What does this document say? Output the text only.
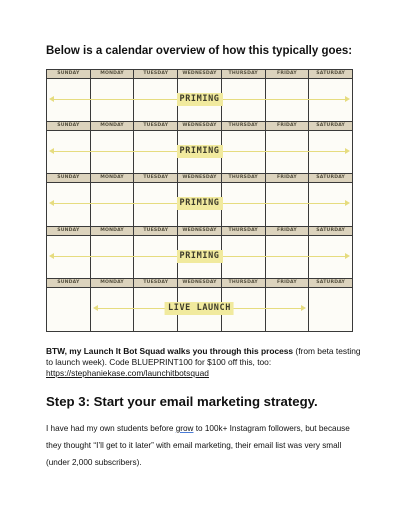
Below is a calendar overview of how this typically goes:
SUNDAY	MONDAY	TUESDAY	WEDNESDAY	THURSDAY	FRIDAY	SATURDAY
PRIMING
SUNDAY	MONDAY	TUESDAY	WEDNESDAY	THURSDAY	FRIDAY	SATURDAY
PRIMING
SUNDAY	MONDAY	TUESDAY	WEDNESDAY	THURSDAY	FRIDAY	SATURDAY
PRIMING
SUNDAY	MONDAY	TUESDAY	WEDNESDAY	THURSDAY	FRIDAY	SATURDAY
PRIMING
SUNDAY	MONDAY	TUESDAY	WEDNESDAY	THURSDAY	FRIDAY	SATURDAY
LIVE LAUNCH
BTW, my Launch It Bot Squad walks you through this process (from beta testing to launch week). Code BLUEPRINT100 for $100 off this, too: https://stephaniekase.com/launchitbotsquad
Step 3: Start your email marketing strategy.
I have had my own students before grow to 100k+ Instagram followers, but because they thought “I’ll get to it later” with email marketing, their email list was very small (under 2,000 subscribers).
